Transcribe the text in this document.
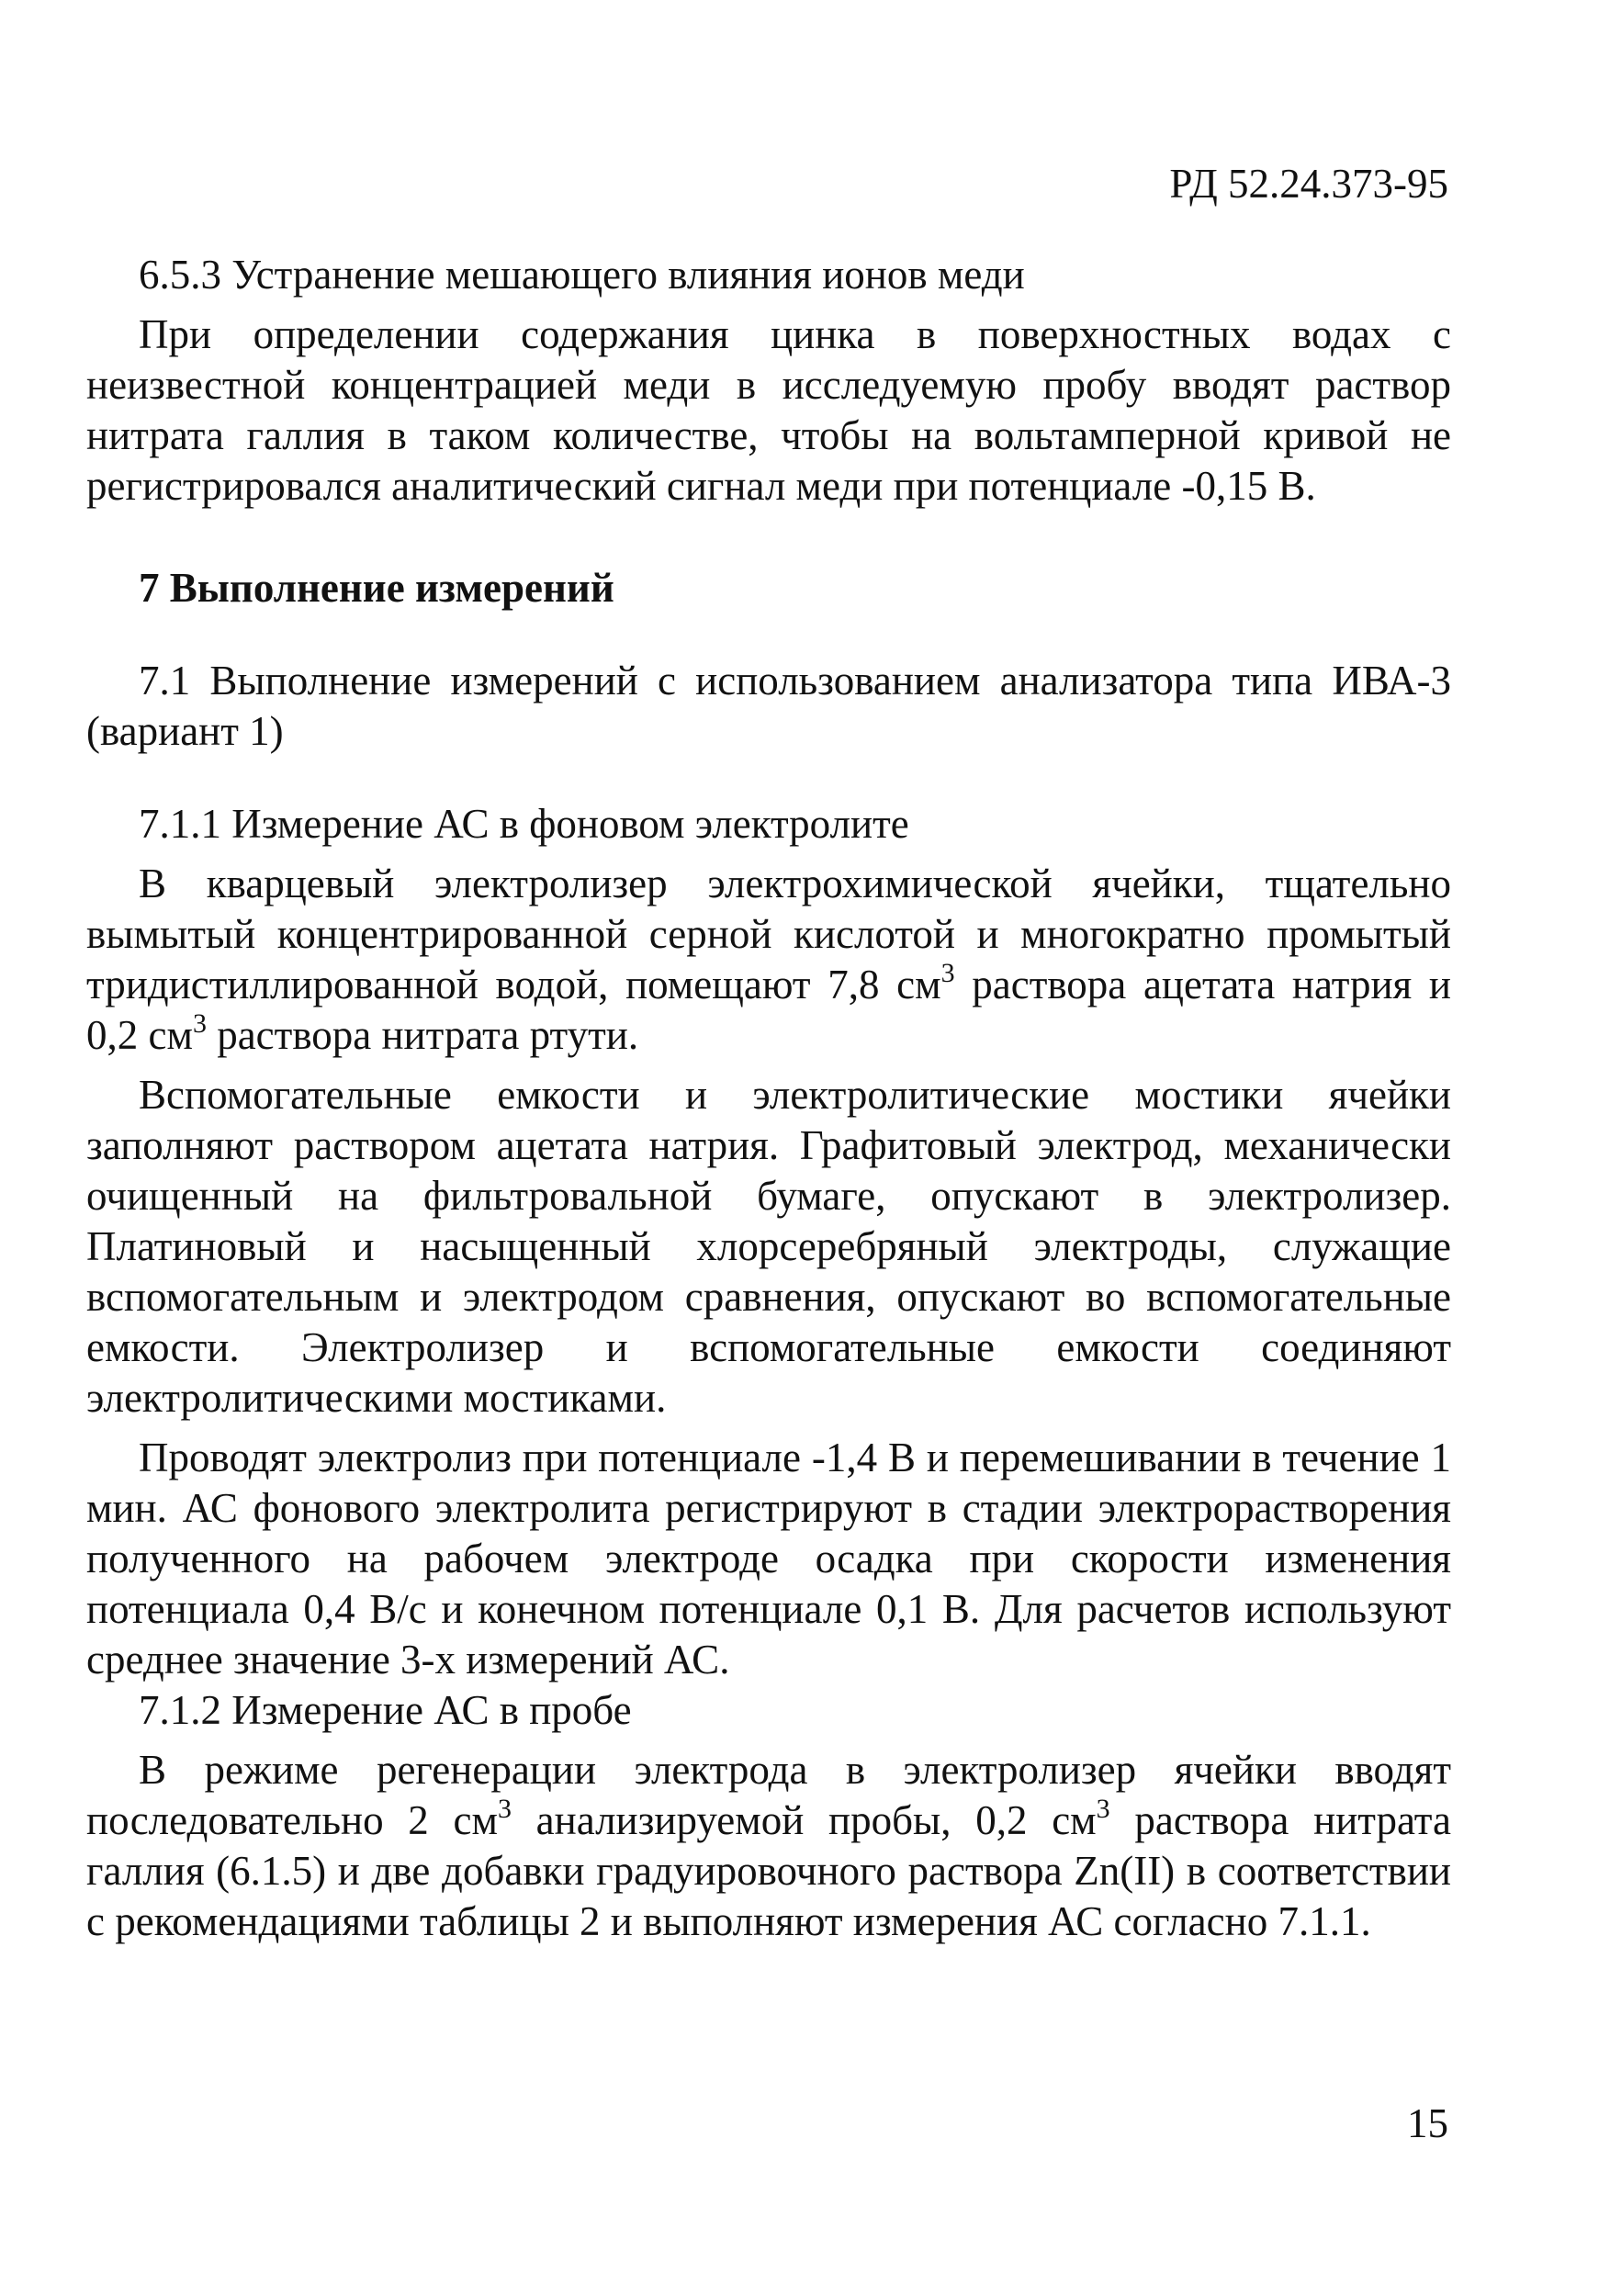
РД 52.24.373-95

6.5.3 Устранение мешающего влияния ионов меди

При определении содержания цинка в поверхностных водах с неизвестной концентрацией меди в исследуемую пробу вводят раствор нитрата галлия в таком количестве, чтобы на вольтамперной кривой не регистрировался аналитический сигнал меди при потенциале -0,15 В.

7 Выполнение измерений

7.1 Выполнение измерений с использованием анализатора типа ИВА-3 (вариант 1)

7.1.1 Измерение АС в фоновом электролите

В кварцевый электролизер электрохимической ячейки, тщательно вымытый концентрированной серной кислотой и многократно промытый тридистиллированной водой, помещают 7,8 $см^3$ раствора ацетата натрия и 0,2 $см^3$ раствора нитрата ртути.

Вспомогательные емкости и электролитические мостики ячейки заполняют раствором ацетата натрия. Графитовый электрод, механически очищенный на фильтровальной бумаге, опускают в электролизер. Платиновый и насыщенный хлорсеребряный электроды, служащие вспомогательным и электродом сравнения, опускают во вспомогательные емкости. Электролизер и вспомогательные емкости соединяют электролитическими мостиками.

Проводят электролиз при потенциале -1,4 В и перемешивании в течение 1 мин. АС фонового электролита регистрируют в стадии электрорастворения полученного на рабочем электроде осадка при скорости изменения потенциала 0,4 В/с и конечном потенциале 0,1 В. Для расчетов используют среднее значение 3-х измерений АС.

7.1.2 Измерение АС в пробе

В режиме регенерации электрода в электролизер ячейки вводят последовательно 2 $см^3$ анализируемой пробы, 0,2 $см^3$ раствора нитрата галлия (6.1.5) и две добавки градуировочного раствора Zn(II) в соответствии с рекомендациями таблицы 2 и выполняют измерения АС согласно 7.1.1.

15
